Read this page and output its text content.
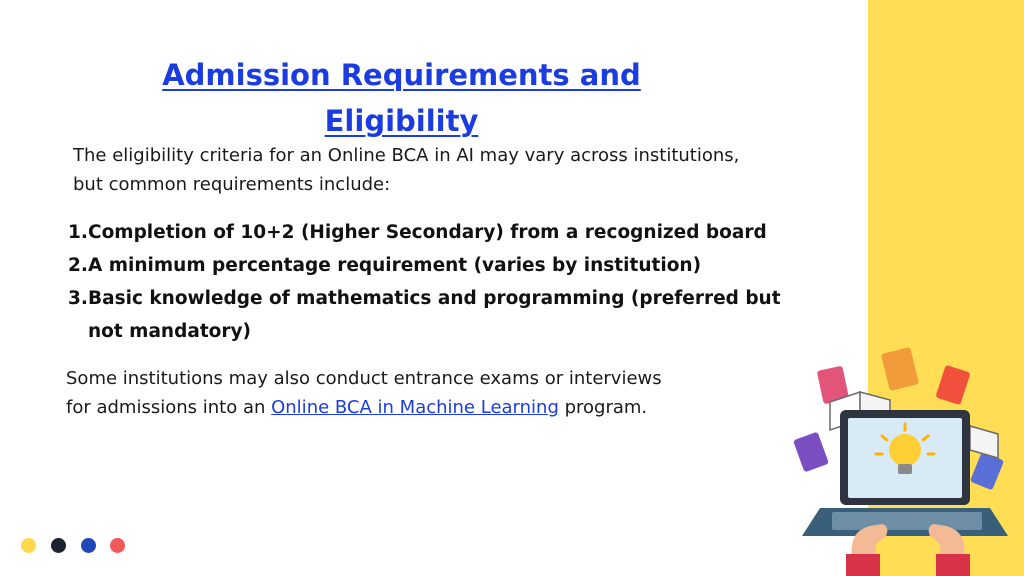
Admission Requirements and
Eligibility

The eligibility criteria for an Online BCA in AI may vary across institutions,
but common requirements include:

1. Completion of 10+2 (Higher Secondary) from a recognized board
2. A minimum percentage requirement (varies by institution)
3. Basic knowledge of mathematics and programming (preferred but not mandatory)

Some institutions may also conduct entrance exams or interviews
for admissions into an Online BCA in Machine Learning program.
